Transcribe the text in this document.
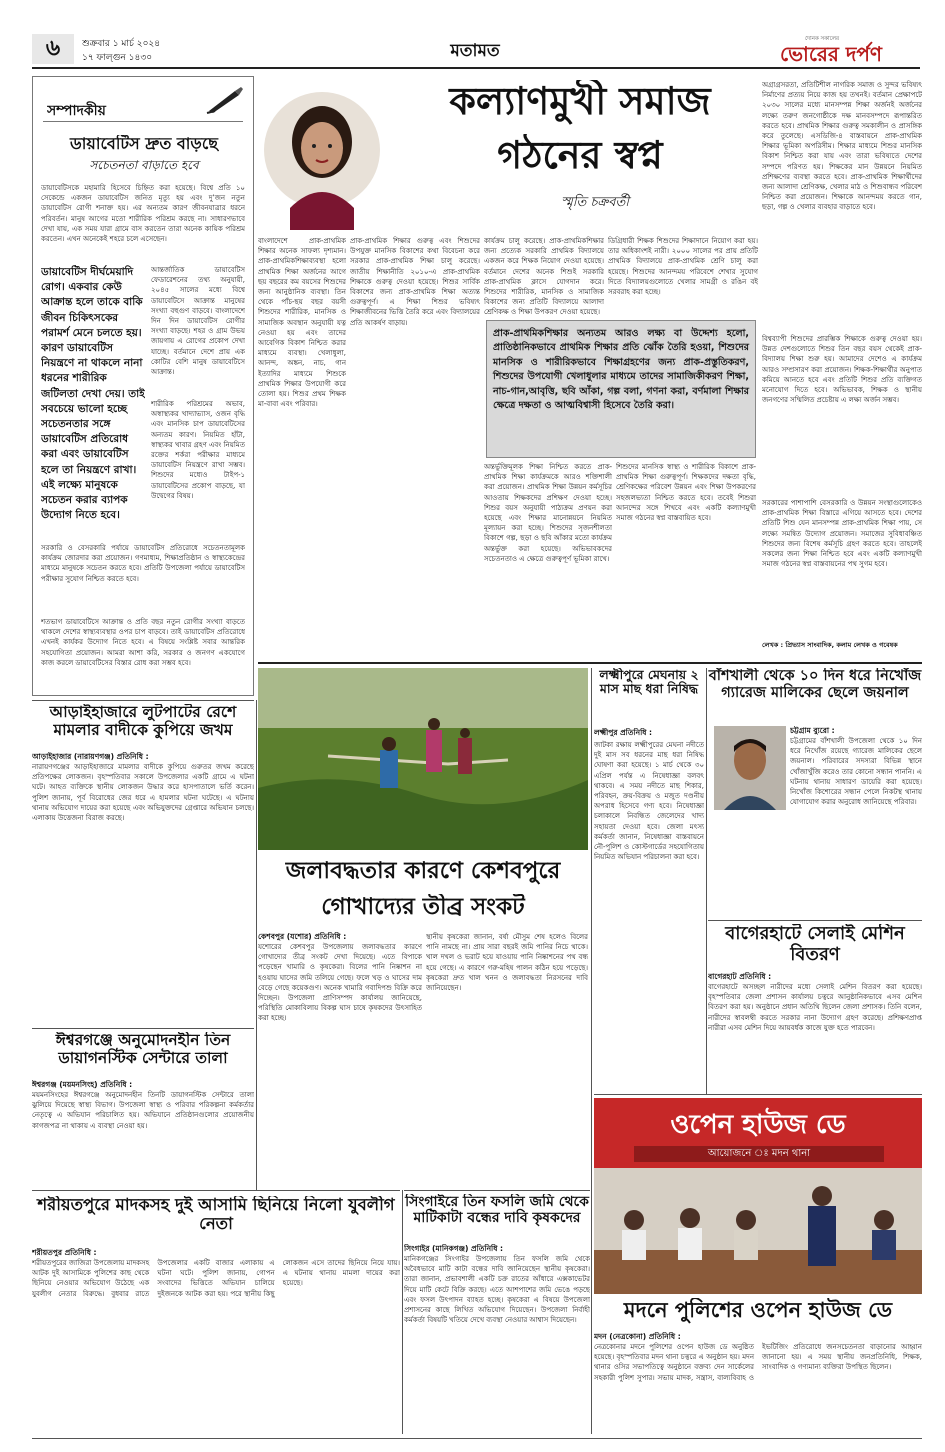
৬	শুক্রবার ১ মার্চ ২০২৪
১৭ ফাল্গুন ১৪৩০	মতামত
দৈনিক সকালের
ভোরের দর্পণ
সম্পাদকীয়
ডায়াবেটিস দ্রুত বাড়ছে
সচেতনতা বাড়াতে হবে
ডায়াবেটিসকে মহামারি হিসেবে চিহ্নিত করা হয়েছে। বিশ্বে প্রতি ১০ সেকেন্ডে একজন ডায়াবেটিস জনিত মৃত্যু হয় এবং দু’জন নতুন ডায়াবেটিস রোগী শনাক্ত হয়। এর অন্যতম কারণ জীবনযাত্রার ধরনে পরিবর্তন। মানুষ আগের মতো শারীরিক পরিশ্রম করছে না। সাধারণভাবে দেখা যায়, এক সময় যারা গ্রামে বাস করতেন তারা অনেক কায়িক পরিশ্রম করতেন। এখন অনেকেই শহরে চলে এসেছেন।
ডায়াবেটিস দীর্ঘমেয়াদি রোগ। একবার কেউ আক্রান্ত হলে তাকে বাকি জীবন চিকিৎসকের পরামর্শ মেনে চলতে হয়। কারণ ডায়াবেটিস নিয়ন্ত্রণে না থাকলে নানা ধরনের শারীরিক জটিলতা দেখা দেয়। তাই সবচেয়ে ভালো হচ্ছে সচেতনতার সঙ্গে ডায়াবেটিস প্রতিরোধ করা এবং ডায়াবেটিস হলে তা নিয়ন্ত্রণে রাখা। এই লক্ষ্যে মানুষকে সচেতন করার ব্যাপক উদ্যোগ নিতে হবে।
আন্তর্জাতিক ডায়াবেটিস ফেডারেশনের তথ্য অনুযায়ী, ২০৪৫ সালের মধ্যে বিশ্বে ডায়াবেটিসে আক্রান্ত মানুষের সংখ্যা বহুগুণ বাড়বে। বাংলাদেশে দিন দিন ডায়াবেটিস রোগীর সংখ্যা বাড়ছে। শহর ও গ্রাম উভয় জায়গায় এ রোগের প্রকোপ দেখা যাচ্ছে। বর্তমানে দেশে প্রায় এক কোটির বেশি মানুষ ডায়াবেটিসে আক্রান্ত।
শারীরিক পরিশ্রমের অভাব, অস্বাস্থ্যকর খাদ্যাভ্যাস, ওজন বৃদ্ধি এবং মানসিক চাপ ডায়াবেটিসের অন্যতম কারণ। নিয়মিত হাঁটা, স্বাস্থ্যকর খাবার গ্রহণ এবং নিয়মিত রক্তের শর্করা পরীক্ষার মাধ্যমে ডায়াবেটিস নিয়ন্ত্রণে রাখা সম্ভব। শিশুদের মধ্যেও টাইপ-১ ডায়াবেটিসের প্রকোপ বাড়ছে, যা উদ্বেগের বিষয়।
সরকারি ও বেসরকারি পর্যায়ে ডায়াবেটিস প্রতিরোধে সচেতনতামূলক কার্যক্রম জোরদার করা প্রয়োজন। গণমাধ্যম, শিক্ষাপ্রতিষ্ঠান ও স্বাস্থ্যকেন্দ্রের মাধ্যমে মানুষকে সচেতন করতে হবে। প্রতিটি উপজেলা পর্যায়ে ডায়াবেটিস পরীক্ষার সুযোগ নিশ্চিত করতে হবে।
শতভাগ ডায়াবেটিসে আক্রান্ত ও প্রতি বছর নতুন রোগীর সংখ্যা বাড়তে থাকলে দেশের স্বাস্থ্যব্যবস্থার ওপর চাপ বাড়বে। তাই ডায়াবেটিস প্রতিরোধে এখনই কার্যকর উদ্যোগ নিতে হবে। এ বিষয়ে সংশ্লিষ্ট সবার আন্তরিক সহযোগিতা প্রয়োজন। আমরা আশা করি, সরকার ও জনগণ একযোগে কাজ করলে ডায়াবেটিসের বিস্তার রোধ করা সম্ভব হবে।
কল্যাণমুখী সমাজ
গঠনের স্বপ্ন
স্মৃতি চক্রবর্তী
বাংলাদেশে প্রাক-প্রাথমিক শিক্ষার অনেক সাফল্য দৃশ্যমান। প্রাক-প্রাথমিকশিক্ষাব্যবস্থা হলো প্রাথমিক শিক্ষা অর্জনের আগে ছয় বছরের কম বয়সের শিশুদের জন্য আনুষ্ঠানিক ব্যবস্থা। তিন থেকে পাঁচ-ছয় বছর বয়সী শিশুদের শারীরিক, মানসিক ও সামাজিক অবস্থান অনুযায়ী যত্ন নেওয়া হয় এবং তাদের আবেগিক বিকাশ নিশ্চিত করার মাধ্যমে ব্যবস্থা। খেলাধুলা, আনন্দ, অঙ্কন, নাচ, গান ইত্যাদির মাধ্যমে শিশুকে প্রাথমিক শিক্ষার উপযোগী করে তোলা হয়। শিশুর প্রথম শিক্ষক মা-বাবা এবং পরিবার।
প্রাক-প্রাথমিক শিক্ষার গুরুত্ব এবং শিশুদের উপযুক্ত মানসিক বিকাশের কথা বিবেচনা করে সরকার প্রাক-প্রাথমিক শিক্ষা চালু করেছে। জাতীয় শিক্ষানীতি ২০১০-এ প্রাক-প্রাথমিক শিক্ষাকে গুরুত্ব দেওয়া হয়েছে। শিশুর সার্বিক বিকাশের জন্য প্রাক-প্রাথমিক শিক্ষা অত্যন্ত গুরুত্বপূর্ণ। এ শিক্ষা শিশুর ভবিষ্যৎ শিক্ষাজীবনের ভিত্তি তৈরি করে এবং বিদ্যালয়ের প্রতি আকর্ষণ বাড়ায়।
কার্যক্রম চালু করেছে। প্রাক-প্রাথমিকশিক্ষার জন্য প্রত্যেক সরকারি প্রাথমিক বিদ্যালয়ে একজন করে শিক্ষক নিয়োগ দেওয়া হয়েছে। বর্তমানে দেশের অনেক শিশুই সরকারি প্রাক-প্রাথমিক ক্লাসে যোগদান করে। শিশুদের শারীরিক, মানসিক ও সামাজিক বিকাশের জন্য প্রতিটি বিদ্যালয়ে আলাদা শ্রেণিকক্ষ ও শিক্ষা উপকরণ দেওয়া হয়েছে।
ডিগ্রিধারী শিক্ষক শিশুদের শিক্ষাদানে নিয়োগ করা হয়। তার অধিকাংশই নারী। ২০০০ সালের পর প্রায় প্রতিটি প্রাথমিক বিদ্যালয়ে প্রাক-প্রাথমিক শ্রেণি চালু করা হয়েছে। শিশুদের আনন্দময় পরিবেশে শেখার সুযোগ দিতে বিদ্যালয়গুলোতে খেলার সামগ্রী ও রঙিন বই সরবরাহ করা হচ্ছে।
প্রাক-প্রাথমিকশিক্ষার অন্যতম আরও লক্ষ্য বা উদ্দেশ্য হলো, প্রাতিষ্ঠানিকভাবে প্রাথমিক শিক্ষার প্রতি ঝোঁক তৈরি হওয়া, শিশুদের মানসিক ও শারীরিকভাবে শিক্ষাগ্রহণের জন্য প্রাক-প্রস্তুতিকরণ, শিশুদের উপযোগী খেলাধুলার মাধ্যমে তাদের সামাজিকীকরণ শিক্ষা, নাচ-গান,আবৃত্তি, ছবি আঁকা, গল্প বলা, গণনা করা, বর্ণমালা শিক্ষার ক্ষেত্রে দক্ষতা ও আত্মবিশ্বাসী হিসেবে তৈরি করা।
অন্তর্ভুক্তিমূলক শিক্ষা নিশ্চিত করতে প্রাক-প্রাথমিক শিক্ষা কার্যক্রমকে আরও শক্তিশালী করা প্রয়োজন। প্রাথমিক শিক্ষা উন্নয়ন কর্মসূচির আওতায় শিক্ষকদের প্রশিক্ষণ দেওয়া হচ্ছে। শিশুর বয়স অনুযায়ী পাঠ্যক্রম প্রণয়ন করা হয়েছে এবং শিক্ষার মানোন্নয়নে নিয়মিত মূল্যায়ন করা হচ্ছে। শিশুদের সৃজনশীলতা বিকাশে গল্প, ছড়া ও ছবি আঁকার মতো কার্যক্রম অন্তর্ভুক্ত করা হয়েছে। অভিভাবকদের সচেতনতাও এ ক্ষেত্রে গুরুত্বপূর্ণ ভূমিকা রাখে।
শিশুদের মানসিক স্বাস্থ্য ও শারীরিক বিকাশে প্রাক-প্রাথমিক শিক্ষা গুরুত্বপূর্ণ। শিক্ষকদের দক্ষতা বৃদ্ধি, শ্রেণিকক্ষের পরিবেশ উন্নয়ন এবং শিক্ষা উপকরণের সহজলভ্যতা নিশ্চিত করতে হবে। তবেই শিশুরা আনন্দের সঙ্গে শিখবে এবং একটি কল্যাণমুখী সমাজ গঠনের স্বপ্ন বাস্তবায়িত হবে।
অগ্রাগ্রসরতা, প্রতিটিশীল নাগরিক সমাজ ও সুন্দর ভবিষ্যৎ নির্মাণের প্রত্যয় নিয়ে কাজ হয় তখনই। বর্তমান প্রেক্ষাপটে ২০৩০ সালের মধ্যে মানসম্পন্ন শিক্ষা অর্জনই অর্জনের লক্ষ্যে তরুণ জনগোষ্ঠীকে দক্ষ মানবসম্পদে রূপান্তরিত করতে হবে। প্রাথমিক শিক্ষার গুরুত্ব সমকালীন ও প্রাসঙ্গিক করে তুলেছে। এসডিজি-৪ বাস্তবায়নে প্রাক-প্রাথমিক শিক্ষার ভূমিকা অপরিসীম। শিক্ষার মাধ্যমে শিশুর মানসিক বিকাশ নিশ্চিত করা যায় এবং তারা ভবিষ্যতে দেশের সম্পদে পরিণত হয়। শিক্ষকের মান উন্নয়নে নিয়মিত প্রশিক্ষণের ব্যবস্থা করতে হবে। প্রাক-প্রাথমিক শিক্ষার্থীদের জন্য আলাদা শ্রেণিকক্ষ, খেলার মাঠ ও শিশুবান্ধব পরিবেশ নিশ্চিত করা প্রয়োজন। শিক্ষাকে আনন্দময় করতে গান, ছড়া, গল্প ও খেলার ব্যবহার বাড়াতে হবে।
বিশ্বব্যাপী শিশুদের প্রারম্ভিক শিক্ষাকে গুরুত্ব দেওয়া হয়। উন্নত দেশগুলোতে শিশুর তিন বছর বয়স থেকেই প্রাক-বিদ্যালয় শিক্ষা শুরু হয়। আমাদের দেশেও এ কার্যক্রম আরও সম্প্রসারণ করা প্রয়োজন। শিক্ষক-শিক্ষার্থীর অনুপাত কমিয়ে আনতে হবে এবং প্রতিটি শিশুর প্রতি ব্যক্তিগত মনোযোগ দিতে হবে। অভিভাবক, শিক্ষক ও স্থানীয় জনগণের সম্মিলিত প্রচেষ্টায় এ লক্ষ্য অর্জন সম্ভব।
সরকারের পাশাপাশি বেসরকারি ও উন্নয়ন সংস্থাগুলোকেও প্রাক-প্রাথমিক শিক্ষা বিস্তারে এগিয়ে আসতে হবে। দেশের প্রতিটি শিশু যেন মানসম্পন্ন প্রাক-প্রাথমিক শিক্ষা পায়, সে লক্ষ্যে সমন্বিত উদ্যোগ প্রয়োজন। সমাজের সুবিধাবঞ্চিত শিশুদের জন্য বিশেষ কর্মসূচি গ্রহণ করতে হবে। তাহলেই সকলের জন্য শিক্ষা নিশ্চিত হবে এবং একটি কল্যাণমুখী সমাজ গঠনের স্বপ্ন বাস্তবায়নের পথ সুগম হবে।
লেখক : প্রিভ্যাস সাংবাদিক, কলাম লেখক ও গবেষক
আড়াইহাজারে লুটপাটের রেশে মামলার বাদীকে কুপিয়ে জখম
আড়াইহাজার (নারায়ণগঞ্জ) প্রতিনিধি :
নারায়ণগঞ্জের আড়াইহাজারে মামলার বাদীকে কুপিয়ে গুরুতর জখম করেছে প্রতিপক্ষের লোকজন। বৃহস্পতিবার সকালে উপজেলার একটি গ্রামে এ ঘটনা ঘটে। আহত ব্যক্তিকে স্থানীয় লোকজন উদ্ধার করে হাসপাতালে ভর্তি করেন। পুলিশ জানায়, পূর্ব বিরোধের জের ধরে এ হামলার ঘটনা ঘটেছে। এ ঘটনায় থানায় অভিযোগ দায়ের করা হয়েছে এবং অভিযুক্তদের গ্রেপ্তারে অভিযান চলছে। এলাকায় উত্তেজনা বিরাজ করছে।
ঈশ্বরগঞ্জে অনুমোদনহীন তিন ডায়াগনস্টিক সেন্টারে তালা
ঈশ্বরগঞ্জ (ময়মনসিংহ) প্রতিনিধি :
ময়মনসিংহের ঈশ্বরগঞ্জে অনুমোদনহীন তিনটি ডায়াগনস্টিক সেন্টারে তালা ঝুলিয়ে দিয়েছে স্বাস্থ্য বিভাগ। উপজেলা স্বাস্থ্য ও পরিবার পরিকল্পনা কর্মকর্তার নেতৃত্বে এ অভিযান পরিচালিত হয়। অভিযানে প্রতিষ্ঠানগুলোর প্রয়োজনীয় কাগজপত্র না থাকায় এ ব্যবস্থা নেওয়া হয়।
শরীয়তপুরে মাদকসহ দুই আসামি ছিনিয়ে নিলো যুবলীগ নেতা
শরীয়তপুর প্রতিনিধি :
শরীয়তপুরের জাজিরা উপজেলায় মাদকসহ আটক দুই আসামিকে পুলিশের কাছ থেকে ছিনিয়ে নেওয়ার অভিযোগ উঠেছে এক যুবলীগ নেতার বিরুদ্ধে। বুধবার রাতে উপজেলার একটি বাজার এলাকায় এ ঘটনা ঘটে। পুলিশ জানায়, গোপন সংবাদের ভিত্তিতে অভিযান চালিয়ে দুইজনকে আটক করা হয়। পরে স্থানীয় কিছু লোকজন এসে তাদের ছিনিয়ে নিয়ে যায়। এ ঘটনায় থানায় মামলা দায়ের করা হয়েছে।
জলাবদ্ধতার কারণে কেশবপুরে
গোখাদ্যের তীব্র সংকট
কেশবপুর (যশোর) প্রতিনিধি :
যশোরের কেশবপুর উপজেলায় জলাবদ্ধতার কারণে গোখাদ্যের তীব্র সংকট দেখা দিয়েছে। এতে বিপাকে পড়েছেন খামারি ও কৃষকেরা। বিলের পানি নিষ্কাশন না হওয়ায় ঘাসের জমি তলিয়ে গেছে। ফলে খড় ও ঘাসের দাম বেড়ে গেছে কয়েকগুণ। অনেক খামারি গবাদিপশু বিক্রি করে দিচ্ছেন। উপজেলা প্রাণিসম্পদ কার্যালয় জানিয়েছে, পরিস্থিতি মোকাবিলায় বিকল্প ঘাস চাষে কৃষকদের উৎসাহিত করা হচ্ছে।
স্থানীয় কৃষকেরা জানান, বর্ষা মৌসুম শেষ হলেও বিলের পানি নামছে না। প্রায় সারা বছরই জমি পানির নিচে থাকে। খাল দখল ও ভরাট হয়ে যাওয়ায় পানি নিষ্কাশনের পথ বন্ধ হয়ে গেছে। এ কারণে গরু-মহিষ পালন কঠিন হয়ে পড়েছে। কৃষকেরা দ্রুত খাল খনন ও জলাবদ্ধতা নিরসনের দাবি জানিয়েছেন।
সিংগাইরে তিন ফসলি জমি থেকে মাটিকাটা বন্ধের দাবি কৃষকদের
সিংগাইর (মানিকগঞ্জ) প্রতিনিধি :
মানিকগঞ্জের সিংগাইর উপজেলায় তিন ফসলি জমি থেকে অবৈধভাবে মাটি কাটা বন্ধের দাবি জানিয়েছেন স্থানীয় কৃষকেরা। তারা জানান, প্রভাবশালী একটি চক্র রাতের আঁধারে এক্সকাভেটর দিয়ে মাটি কেটে বিক্রি করছে। এতে আশপাশের জমি ভেঙে পড়ছে এবং ফসল উৎপাদন ব্যাহত হচ্ছে। কৃষকেরা এ বিষয়ে উপজেলা প্রশাসনের কাছে লিখিত অভিযোগ দিয়েছেন। উপজেলা নির্বাহী কর্মকর্তা বিষয়টি খতিয়ে দেখে ব্যবস্থা নেওয়ার আশ্বাস দিয়েছেন।
লক্ষ্মীপুরে মেঘনায় ২ মাস মাছ ধরা নিষিদ্ধ
লক্ষ্মীপুর প্রতিনিধি :
জাটকা রক্ষায় লক্ষ্মীপুরের মেঘনা নদীতে দুই মাস সব ধরনের মাছ ধরা নিষিদ্ধ ঘোষণা করা হয়েছে। ১ মার্চ থেকে ৩০ এপ্রিল পর্যন্ত এ নিষেধাজ্ঞা বলবৎ থাকবে। এ সময় নদীতে মাছ শিকার, পরিবহন, ক্রয়-বিক্রয় ও মজুত দণ্ডনীয় অপরাধ হিসেবে গণ্য হবে। নিষেধাজ্ঞা চলাকালে নিবন্ধিত জেলেদের খাদ্য সহায়তা দেওয়া হবে। জেলা মৎস্য কর্মকর্তা জানান, নিষেধাজ্ঞা বাস্তবায়নে নৌ-পুলিশ ও কোস্টগার্ডের সহযোগিতায় নিয়মিত অভিযান পরিচালনা করা হবে।
বাঁশখালী থেকে ১০ দিন ধরে নিখোঁজ গ্যারেজ মালিকের ছেলে জয়নাল
চট্টগ্রাম ব্যুরো :
চট্টগ্রামের বাঁশখালী উপজেলা থেকে ১০ দিন ধরে নিখোঁজ রয়েছে গ্যারেজ মালিকের ছেলে জয়নাল। পরিবারের সদস্যরা বিভিন্ন স্থানে খোঁজাখুঁজি করেও তার কোনো সন্ধান পাননি। এ ঘটনায় থানায় সাধারণ ডায়েরি করা হয়েছে। নিখোঁজ কিশোরের সন্ধান পেলে নিকটস্থ থানায় যোগাযোগ করার অনুরোধ জানিয়েছে পরিবার।
বাগেরহাটে সেলাই মেশিন বিতরণ
বাগেরহাট প্রতিনিধি :
বাগেরহাটে অসচ্ছল নারীদের মধ্যে সেলাই মেশিন বিতরণ করা হয়েছে। বৃহস্পতিবার জেলা প্রশাসন কার্যালয় চত্বরে আনুষ্ঠানিকভাবে এসব মেশিন বিতরণ করা হয়। অনুষ্ঠানে প্রধান অতিথি ছিলেন জেলা প্রশাসক। তিনি বলেন, নারীদের স্বাবলম্বী করতে সরকার নানা উদ্যোগ গ্রহণ করেছে। প্রশিক্ষণপ্রাপ্ত নারীরা এসব মেশিন দিয়ে আয়বর্ধক কাজে যুক্ত হতে পারবেন।
ওপেন হাউজ ডে
আয়োজনে ঃ মদন থানা
মদনে পুলিশের ওপেন হাউজ ডে
মদন (নেত্রকোনা) প্রতিনিধি :
নেত্রকোনার মদনে পুলিশের ওপেন হাউজ ডে অনুষ্ঠিত হয়েছে। বৃহস্পতিবার মদন থানা চত্বরে এ অনুষ্ঠান হয়। মদন থানার ওসির সভাপতিত্বে অনুষ্ঠানে বক্তব্য দেন সার্কেলের সহকারী পুলিশ সুপার। সভায় মাদক, সন্ত্রাস, বাল্যবিবাহ ও ইভটিজিং প্রতিরোধে জনসচেতনতা বাড়ানোর আহ্বান জানানো হয়। এ সময় স্থানীয় জনপ্রতিনিধি, শিক্ষক, সাংবাদিক ও গণ্যমান্য ব্যক্তিরা উপস্থিত ছিলেন।
